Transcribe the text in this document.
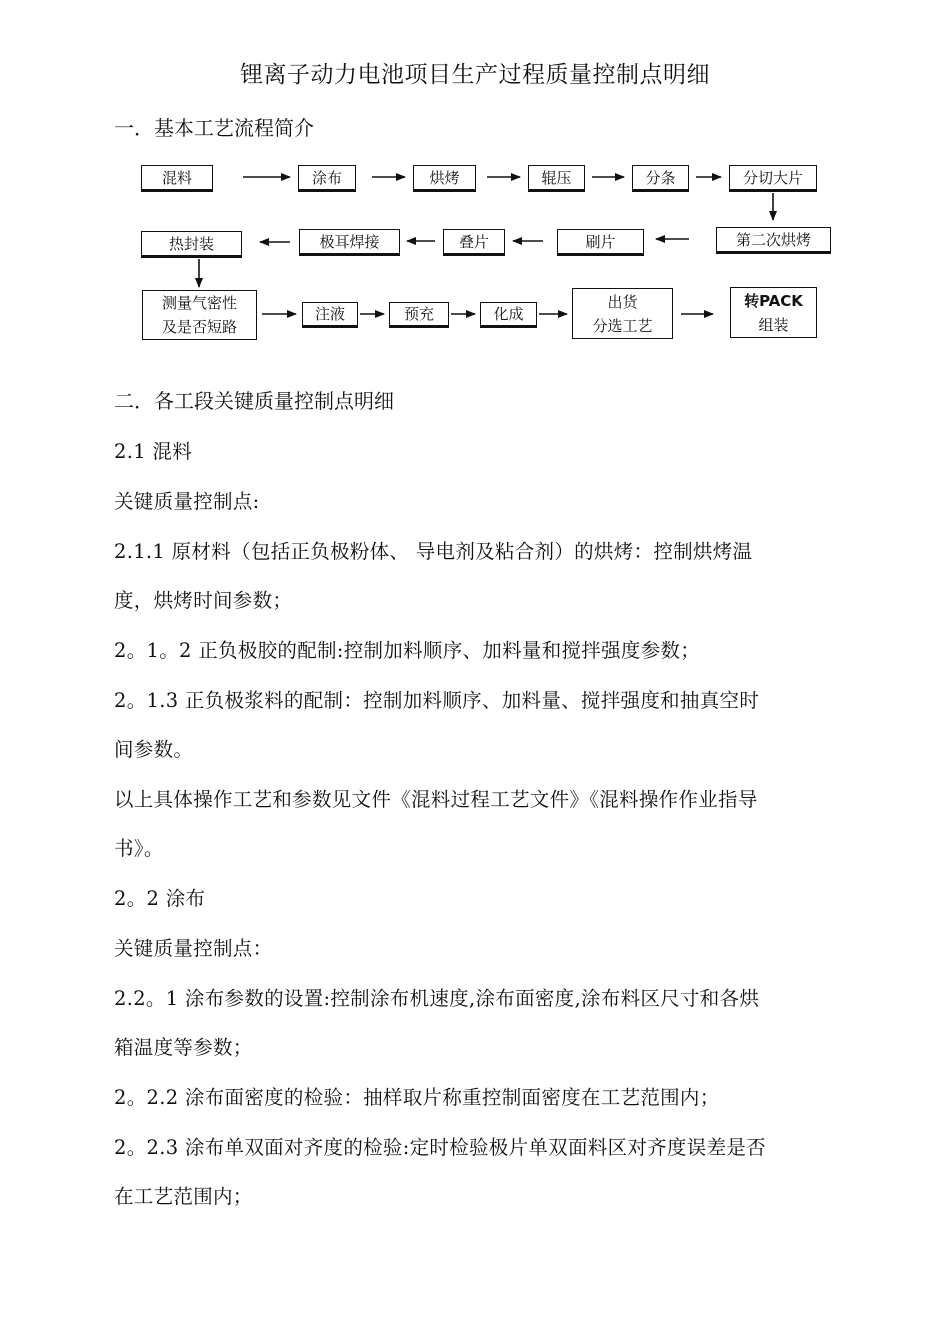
锂离子动力电池项目生产过程质量控制点明细
一．基本工艺流程简介
混料	涂布	烘烤	辊压	分条	分切大片
第二次烘烤
刷片
叠片
极耳焊接
热封装
测量气密性
及是否短路
注液	预充	化成
出货
分选工艺
转PACK
组装
二．各工段关键质量控制点明细
2.1 混料
关键质量控制点:
2.1.1 原材料（包括正负极粉体、 导电剂及粘合剂）的烘烤：控制烘烤温
度，烘烤时间参数；
2。1。2 正负极胶的配制:控制加料顺序、加料量和搅拌强度参数；
2。1.3 正负极浆料的配制：控制加料顺序、加料量、搅拌强度和抽真空时
间参数。
以上具体操作工艺和参数见文件《混料过程工艺文件》《混料操作作业指导
书》。
2。2 涂布
关键质量控制点：
2.2。1 涂布参数的设置:控制涂布机速度,涂布面密度,涂布料区尺寸和各烘
箱温度等参数；
2。2.2 涂布面密度的检验：抽样取片称重控制面密度在工艺范围内；
2。2.3 涂布单双面对齐度的检验:定时检验极片单双面料区对齐度误差是否
在工艺范围内；
